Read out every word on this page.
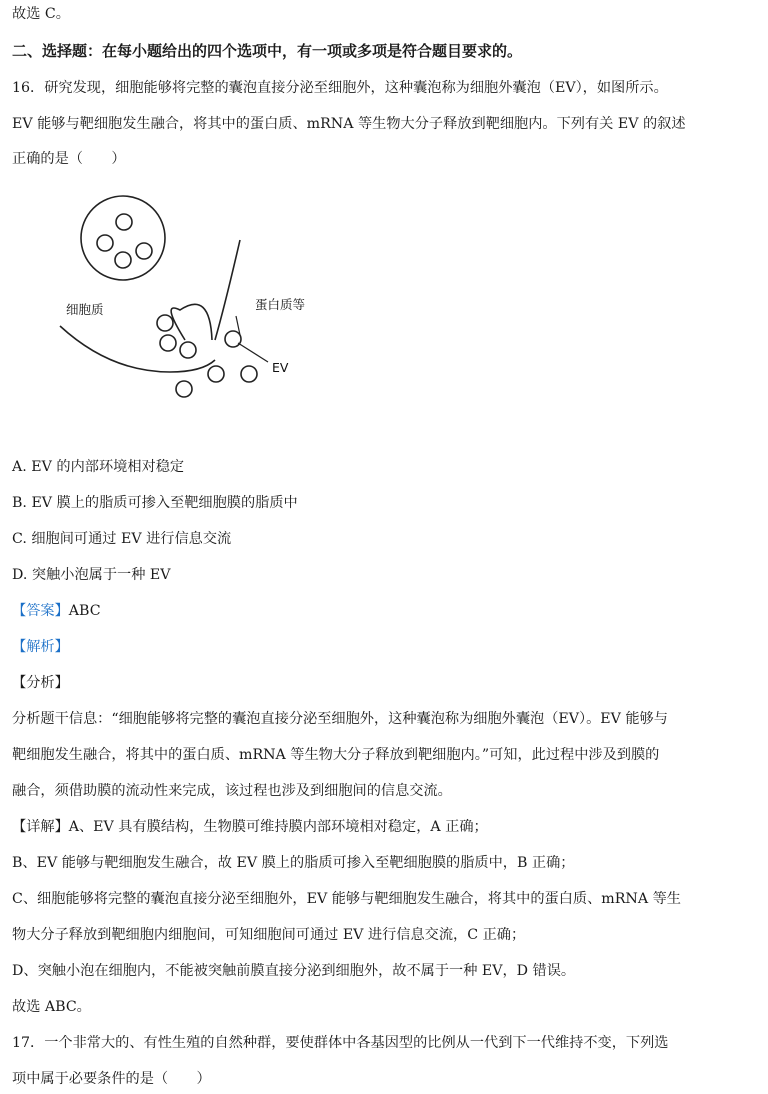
故选 C。
二、选择题：在每小题给出的四个选项中，有一项或多项是符合题目要求的。
16．研究发现，细胞能够将完整的囊泡直接分泌至细胞外，这种囊泡称为细胞外囊泡（EV），如图所示。
EV 能够与靶细胞发生融合，将其中的蛋白质、mRNA 等生物大分子释放到靶细胞内。下列有关 EV 的叙述
正确的是（　　）
细胞质	蛋白质等
EV
A. EV 的内部环境相对稳定
B. EV 膜上的脂质可掺入至靶细胞膜的脂质中
C. 细胞间可通过 EV 进行信息交流
D. 突触小泡属于一种 EV
【答案】ABC
【解析】
【分析】
分析题干信息：“细胞能够将完整的囊泡直接分泌至细胞外，这种囊泡称为细胞外囊泡（EV）。EV 能够与
靶细胞发生融合，将其中的蛋白质、mRNA 等生物大分子释放到靶细胞内。”可知，此过程中涉及到膜的
融合，须借助膜的流动性来完成，该过程也涉及到细胞间的信息交流。
【详解】A、EV 具有膜结构，生物膜可维持膜内部环境相对稳定，A 正确；
B、EV 能够与靶细胞发生融合，故 EV 膜上的脂质可掺入至靶细胞膜的脂质中，B 正确；
C、细胞能够将完整的囊泡直接分泌至细胞外，EV 能够与靶细胞发生融合，将其中的蛋白质、mRNA 等生
物大分子释放到靶细胞内细胞间，可知细胞间可通过 EV 进行信息交流，C 正确；
D、突触小泡在细胞内，不能被突触前膜直接分泌到细胞外，故不属于一种 EV，D 错误。
故选 ABC。
17．一个非常大的、有性生殖的自然种群，要使群体中各基因型的比例从一代到下一代维持不变，下列选
项中属于必要条件的是（　　）
